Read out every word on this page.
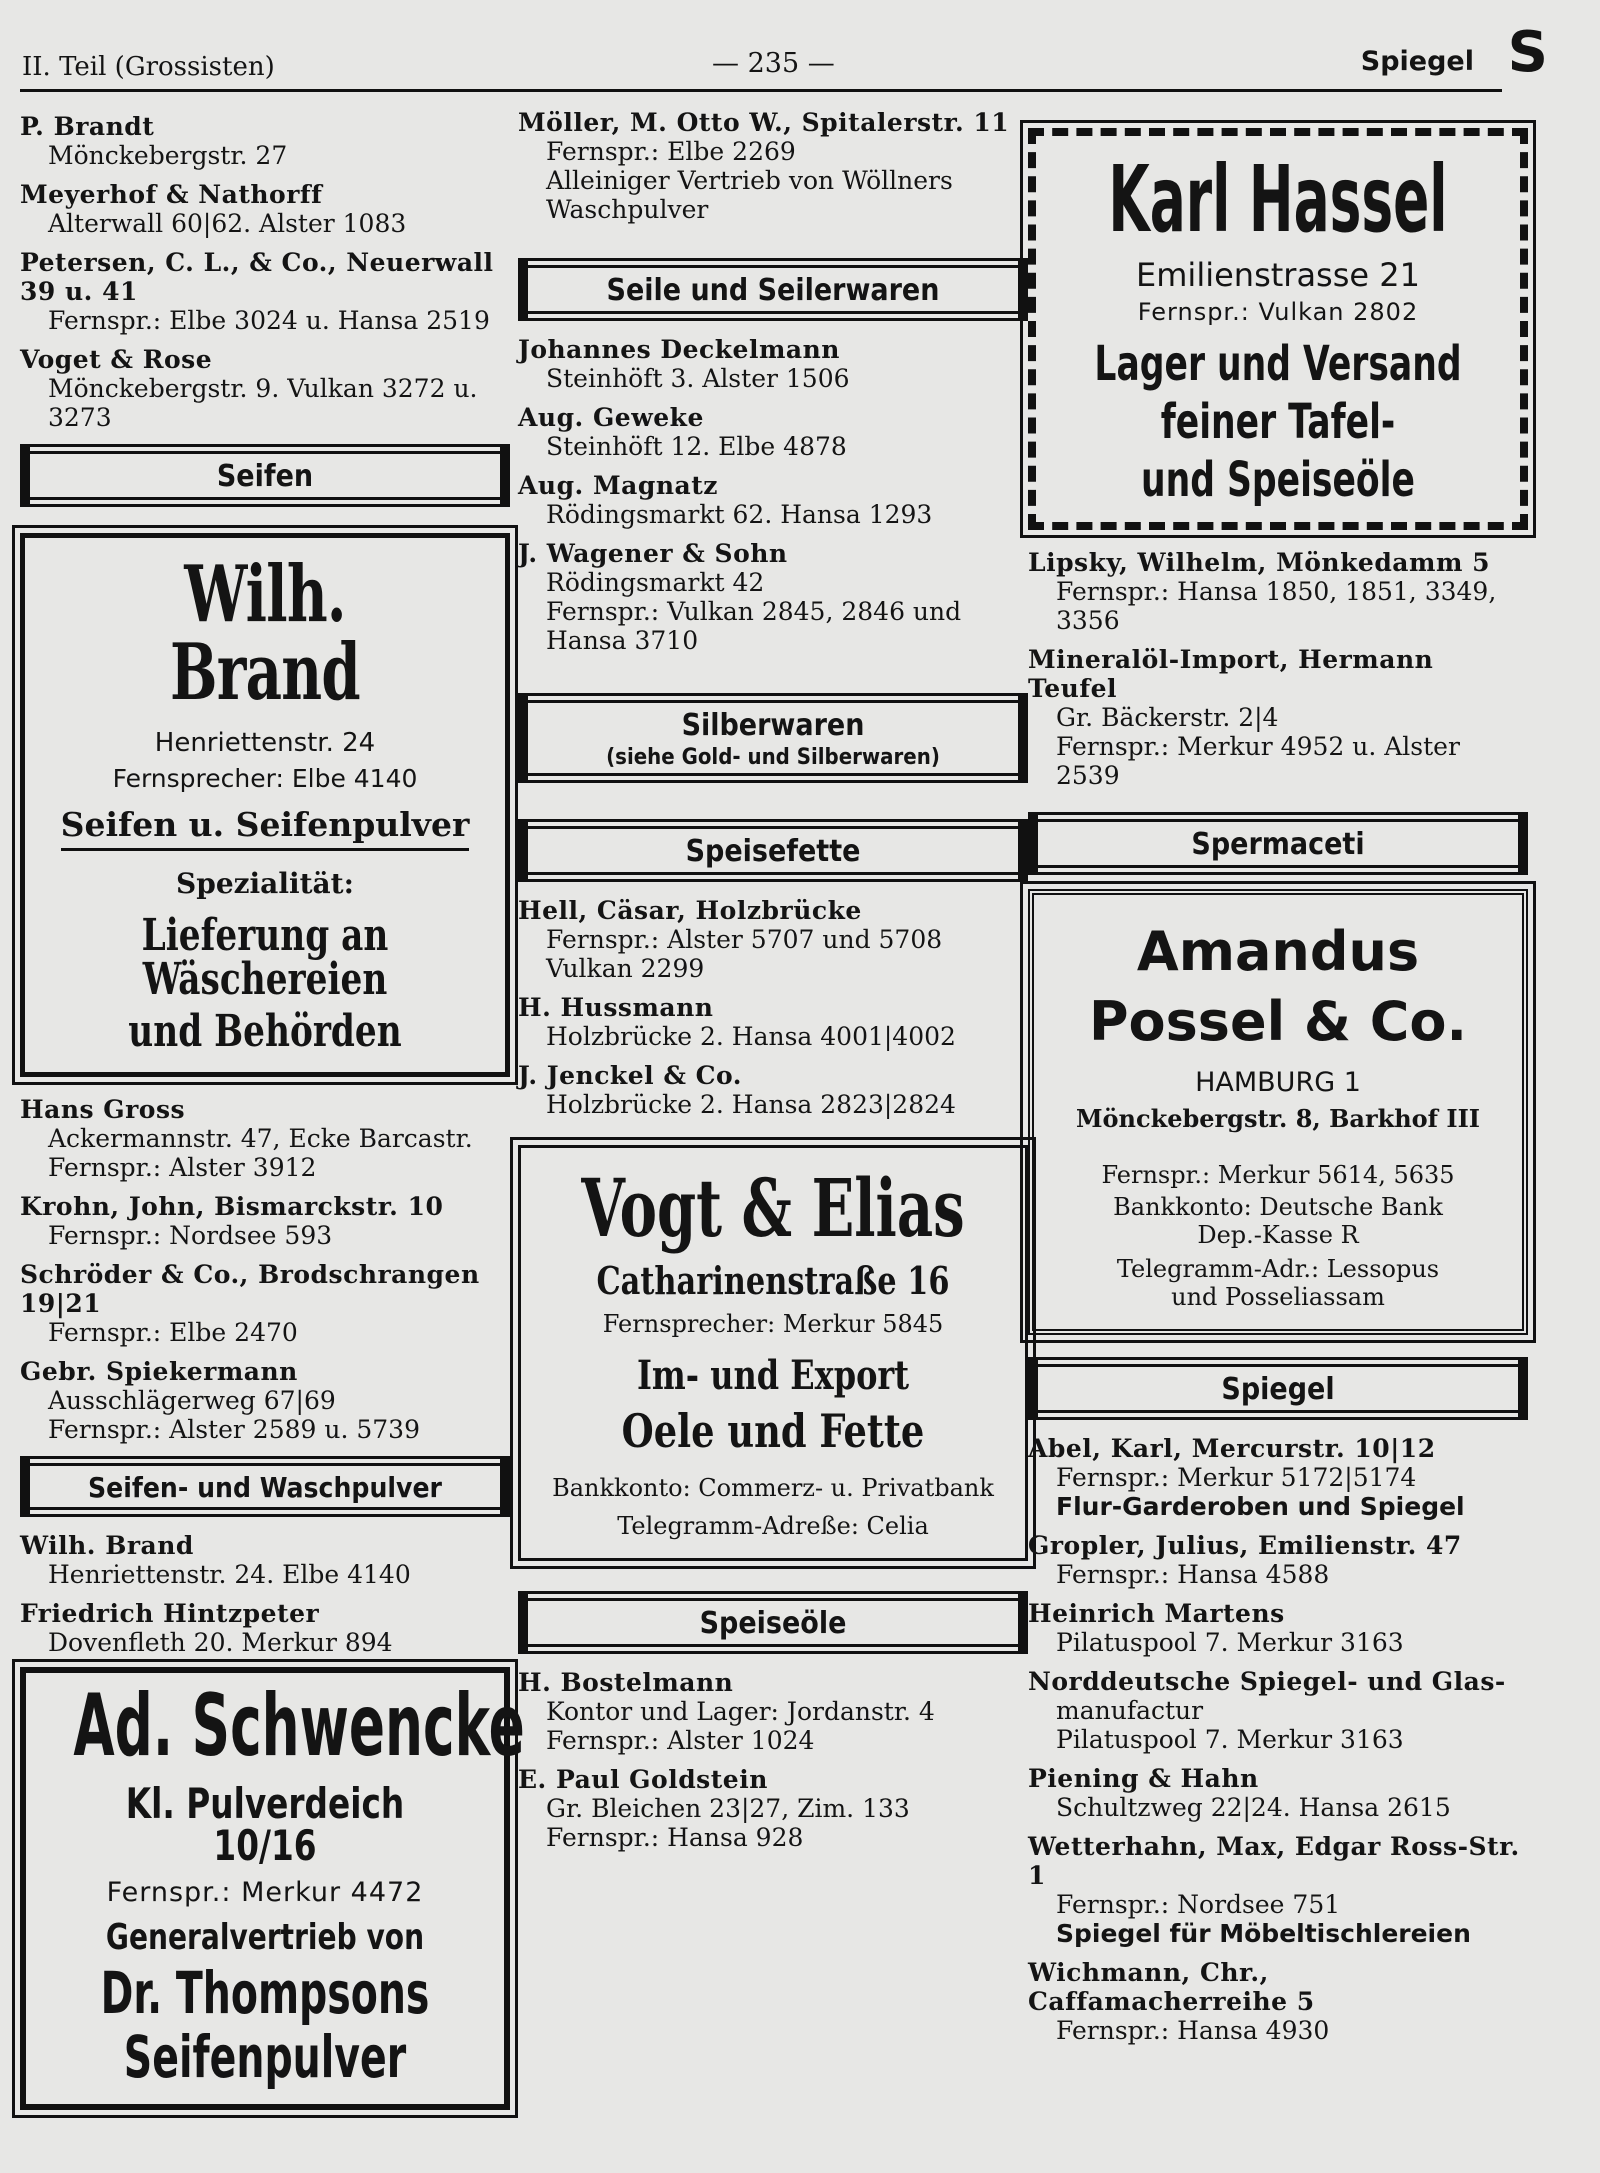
II. Teil (Grossisten)	— 235 —	Spiegel S
P. Brandt
Mönckebergstr. 27
Meyerhof & Nathorff
Alterwall 60|62. Alster 1083
Petersen, C. L., & Co., Neuerwall 39 u. 41
Fernspr.: Elbe 3024 u. Hansa 2519
Voget & Rose
Mönckebergstr. 9. Vulkan 3272 u. 3273
Seifen
Wilh. Brand
Henriettenstr. 24
Fernsprecher: Elbe 4140
Seifen u. Seifenpulver
Spezialität:
Lieferung an Wäschereien
und Behörden
Hans Gross
Ackermannstr. 47, Ecke Barcastr.
Fernspr.: Alster 3912
Krohn, John, Bismarckstr. 10
Fernspr.: Nordsee 593
Schröder & Co., Brodschrangen 19|21
Fernspr.: Elbe 2470
Gebr. Spiekermann
Ausschlägerweg 67|69
Fernspr.: Alster 2589 u. 5739
Seifen- und Waschpulver
Wilh. Brand
Henriettenstr. 24. Elbe 4140
Friedrich Hintzpeter
Dovenfleth 20. Merkur 894
Ad. Schwencke
Kl. Pulverdeich 10/16
Fernspr.: Merkur 4472
Generalvertrieb von
Dr. Thompsons
Seifenpulver
Möller, M. Otto W., Spitalerstr. 11
Fernspr.: Elbe 2269
Alleiniger Vertrieb von Wöllners
Waschpulver
Seile und Seilerwaren
Johannes Deckelmann
Steinhöft 3. Alster 1506
Aug. Geweke
Steinhöft 12. Elbe 4878
Aug. Magnatz
Rödingsmarkt 62. Hansa 1293
J. Wagener & Sohn
Rödingsmarkt 42
Fernspr.: Vulkan 2845, 2846 und
Hansa 3710
Silberwaren
(siehe Gold- und Silberwaren)
Speisefette
Hell, Cäsar, Holzbrücke
Fernspr.: Alster 5707 und 5708
Vulkan 2299
H. Hussmann
Holzbrücke 2. Hansa 4001|4002
J. Jenckel & Co.
Holzbrücke 2. Hansa 2823|2824
Vogt & Elias
Catharinenstraße 16
Fernsprecher: Merkur 5845
Im- und Export
Oele und Fette
Bankkonto: Commerz- u. Privatbank
Telegramm-Adreße: Celia
Speiseöle
H. Bostelmann
Kontor und Lager: Jordanstr. 4
Fernspr.: Alster 1024
E. Paul Goldstein
Gr. Bleichen 23|27, Zim. 133
Fernspr.: Hansa 928
Karl Hassel
Emilienstrasse 21
Fernspr.: Vulkan 2802
Lager und Versand
feiner Tafel-
und Speiseöle
Lipsky, Wilhelm, Mönkedamm 5
Fernspr.: Hansa 1850, 1851, 3349, 3356
Mineralöl-Import, Hermann Teufel
Gr. Bäckerstr. 2|4
Fernspr.: Merkur 4952 u. Alster 2539
Spermaceti
Amandus
Possel & Co.
HAMBURG 1
Mönckebergstr. 8, Barkhof III
Fernspr.: Merkur 5614, 5635
Bankkonto: Deutsche Bank
Dep.-Kasse R
Telegramm-Adr.: Lessopus
und Posseliassam
Spiegel
Abel, Karl, Mercurstr. 10|12
Fernspr.: Merkur 5172|5174
Flur-Garderoben und Spiegel
Gropler, Julius, Emilienstr. 47
Fernspr.: Hansa 4588
Heinrich Martens
Pilatuspool 7. Merkur 3163
Norddeutsche Spiegel- und Glas-
manufactur
Pilatuspool 7. Merkur 3163
Piening & Hahn
Schultzweg 22|24. Hansa 2615
Wetterhahn, Max, Edgar Ross-Str. 1
Fernspr.: Nordsee 751
Spiegel für Möbeltischlereien
Wichmann, Chr., Caffamacherreihe 5
Fernspr.: Hansa 4930
